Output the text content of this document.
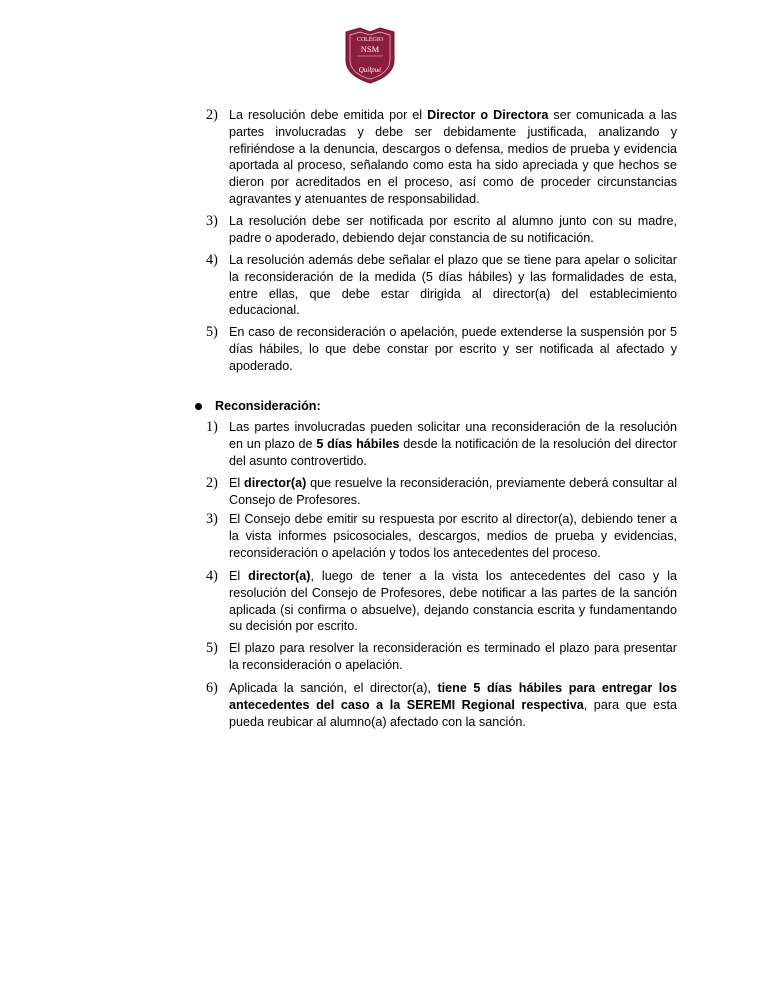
COLEGIO
NSM
Quilpué
2) La resolución debe emitida por el Director o Directora ser comunicada a las partes involucradas y debe ser debidamente justificada, analizando y refiriéndose a la denuncia, descargos o defensa, medios de prueba y evidencia aportada al proceso, señalando como esta ha sido apreciada y que hechos se dieron por acreditados en el proceso, así como de proceder circunstancias agravantes y atenuantes de responsabilidad.
3) La resolución debe ser notificada por escrito al alumno junto con su madre, padre o apoderado, debiendo dejar constancia de su notificación.
4) La resolución además debe señalar el plazo que se tiene para apelar o solicitar la reconsideración de la medida (5 días hábiles) y las formalidades de esta, entre ellas, que debe estar dirigida al director(a) del establecimiento educacional.
5) En caso de reconsideración o apelación, puede extenderse la suspensión por 5 días hábiles, lo que debe constar por escrito y ser notificada al afectado y apoderado.
Reconsideración:
1) Las partes involucradas pueden solicitar una reconsideración de la resolución en un plazo de 5 días hábiles desde la notificación de la resolución del director del asunto controvertido.
2) El director(a) que resuelve la reconsideración, previamente deberá consultar al Consejo de Profesores.
3) El Consejo debe emitir su respuesta por escrito al director(a), debiendo tener a la vista informes psicosociales, descargos, medios de prueba y evidencias, reconsideración o apelación y todos los antecedentes del proceso.
4) El director(a), luego de tener a la vista los antecedentes del caso y la resolución del Consejo de Profesores, debe notificar a las partes de la sanción aplicada (si confirma o absuelve), dejando constancia escrita y fundamentando su decisión por escrito.
5) El plazo para resolver la reconsideración es terminado el plazo para presentar la reconsideración o apelación.
6) Aplicada la sanción, el director(a), tiene 5 días hábiles para entregar los antecedentes del caso a la SEREMI Regional respectiva, para que esta pueda reubicar al alumno(a) afectado con la sanción.
